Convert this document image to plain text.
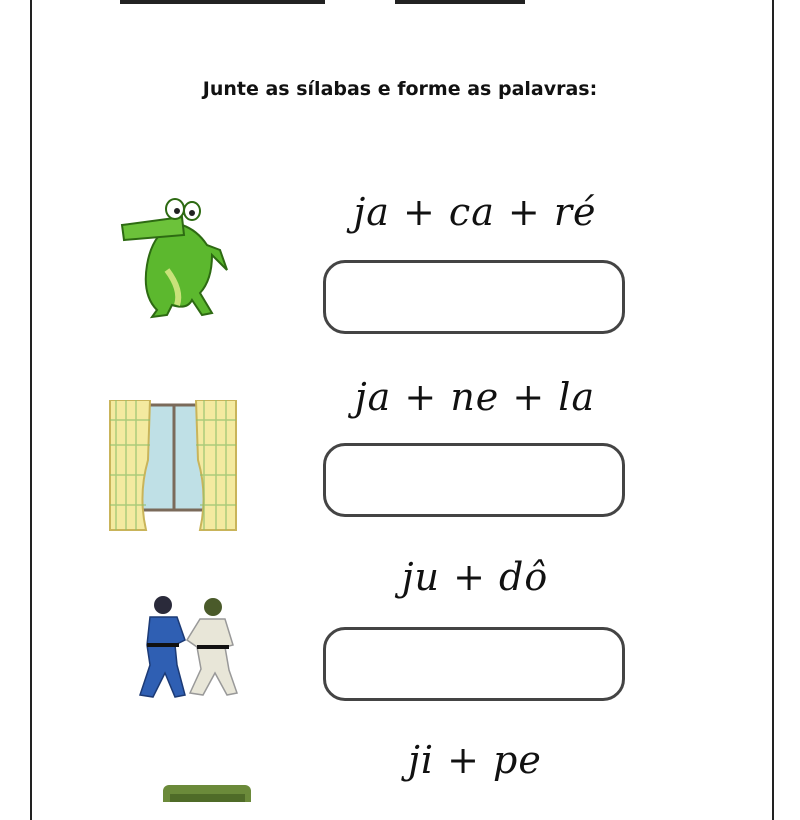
Junte as sílabas e forme as palavras:
ja + ca + ré
ja + ne + la
ju + dô
ji + pe
